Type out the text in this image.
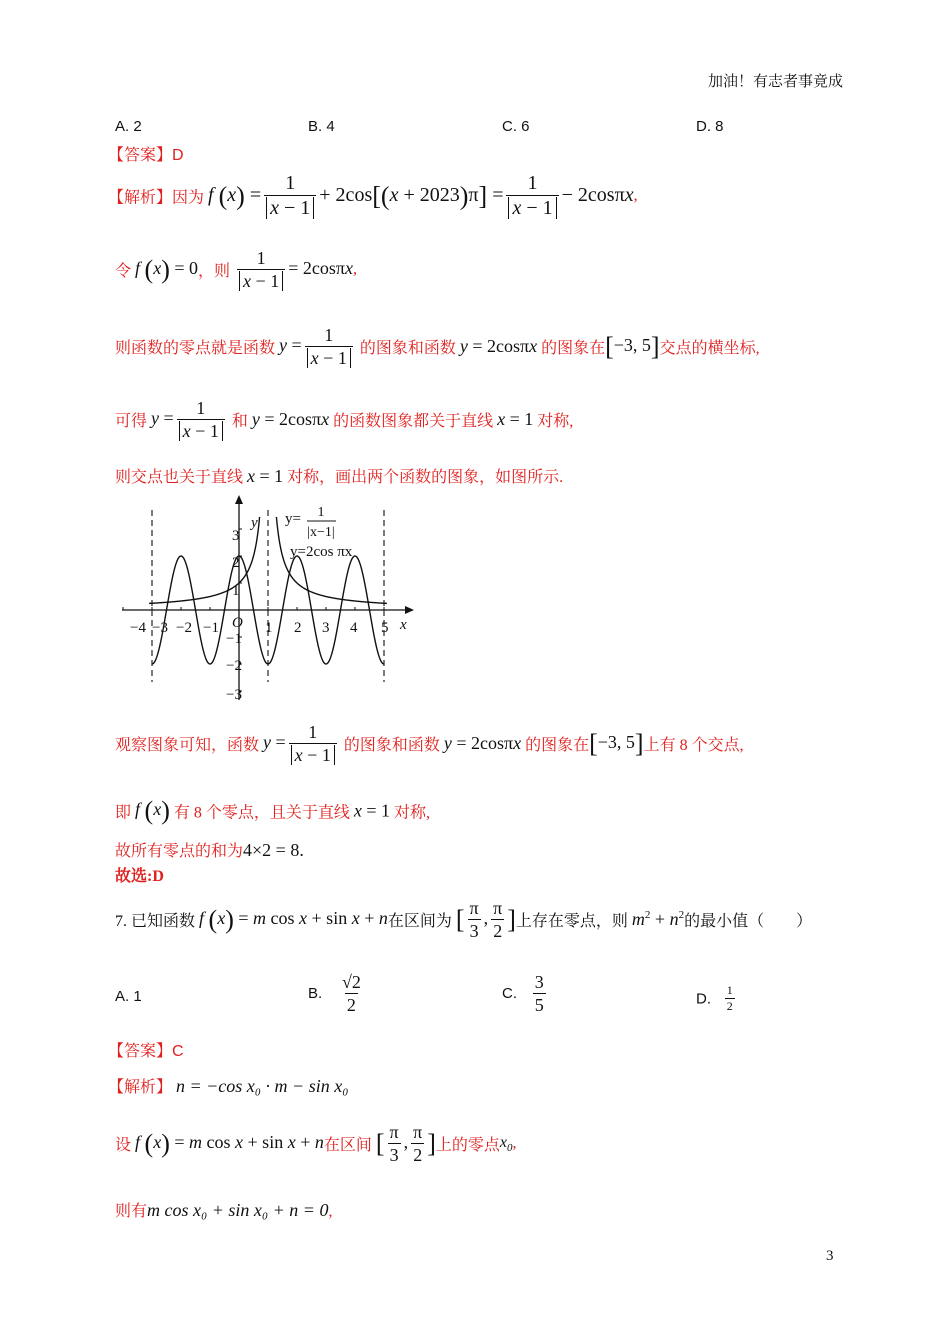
加油！有志者事竟成
A. 2	B. 4	C. 6	D. 8
【答案】D
【解析】因为 f $(x) = \frac{1}{x - 1} + 2\cos[(x + 2023)\pi] = \frac{1}{x - 1} - 2\cos\pi x$,
令 f (x) = 0，则 $\frac{1}{x - 1} = 2\cos\pi x$,
则函数的零点就是函数 $y = \frac{1}{x - 1}$ 的图象和函数 y = 2cosπx 的图象在[−3, 5]交点的横坐标,
可得 $y = \frac{1}{x - 1}$ 和 y = 2cosπx 的函数图象都关于直线 x = 1 对称,
则交点也关于直线 x = 1 对称，画出两个函数的图象，如图所示.
y= 1
|x−1|
y=2cos πx
y
x
O
−4 −3 −2 −1	1 2 3 4 5
3
2
1
−1
−2
−3
观察图象可知，函数 $y = \frac{1}{x - 1}$ 的图象和函数 y = 2cosπx 的图象在[−3, 5]上有 8 个交点,
即 f (x) 有 8 个零点，且关于直线 x = 1 对称,
故所有零点的和为4×2 = 8.
故选:D
7. 已知函数 f (x) = m cos x + sin x + n在区间为 [ $\frac{\pi}{3}$ , $\frac{\pi}{2}$ ]上存在零点，则 $m^2 + n^2$的最小值（　　）
A. 1	B. $\frac{√2}{2}$	C. $\frac{3}{5}$	D. $\frac{1}{2}$
【答案】C
【解析】 n = −cos x₀ · m − sin x₀
设 f (x) = m cos x + sin x + n在区间 [ $\frac{\pi}{3}$ , $\frac{\pi}{2}$ ]上的零点$x_0$,
则有m cos x₀ + sin x₀ + n = 0,
3
